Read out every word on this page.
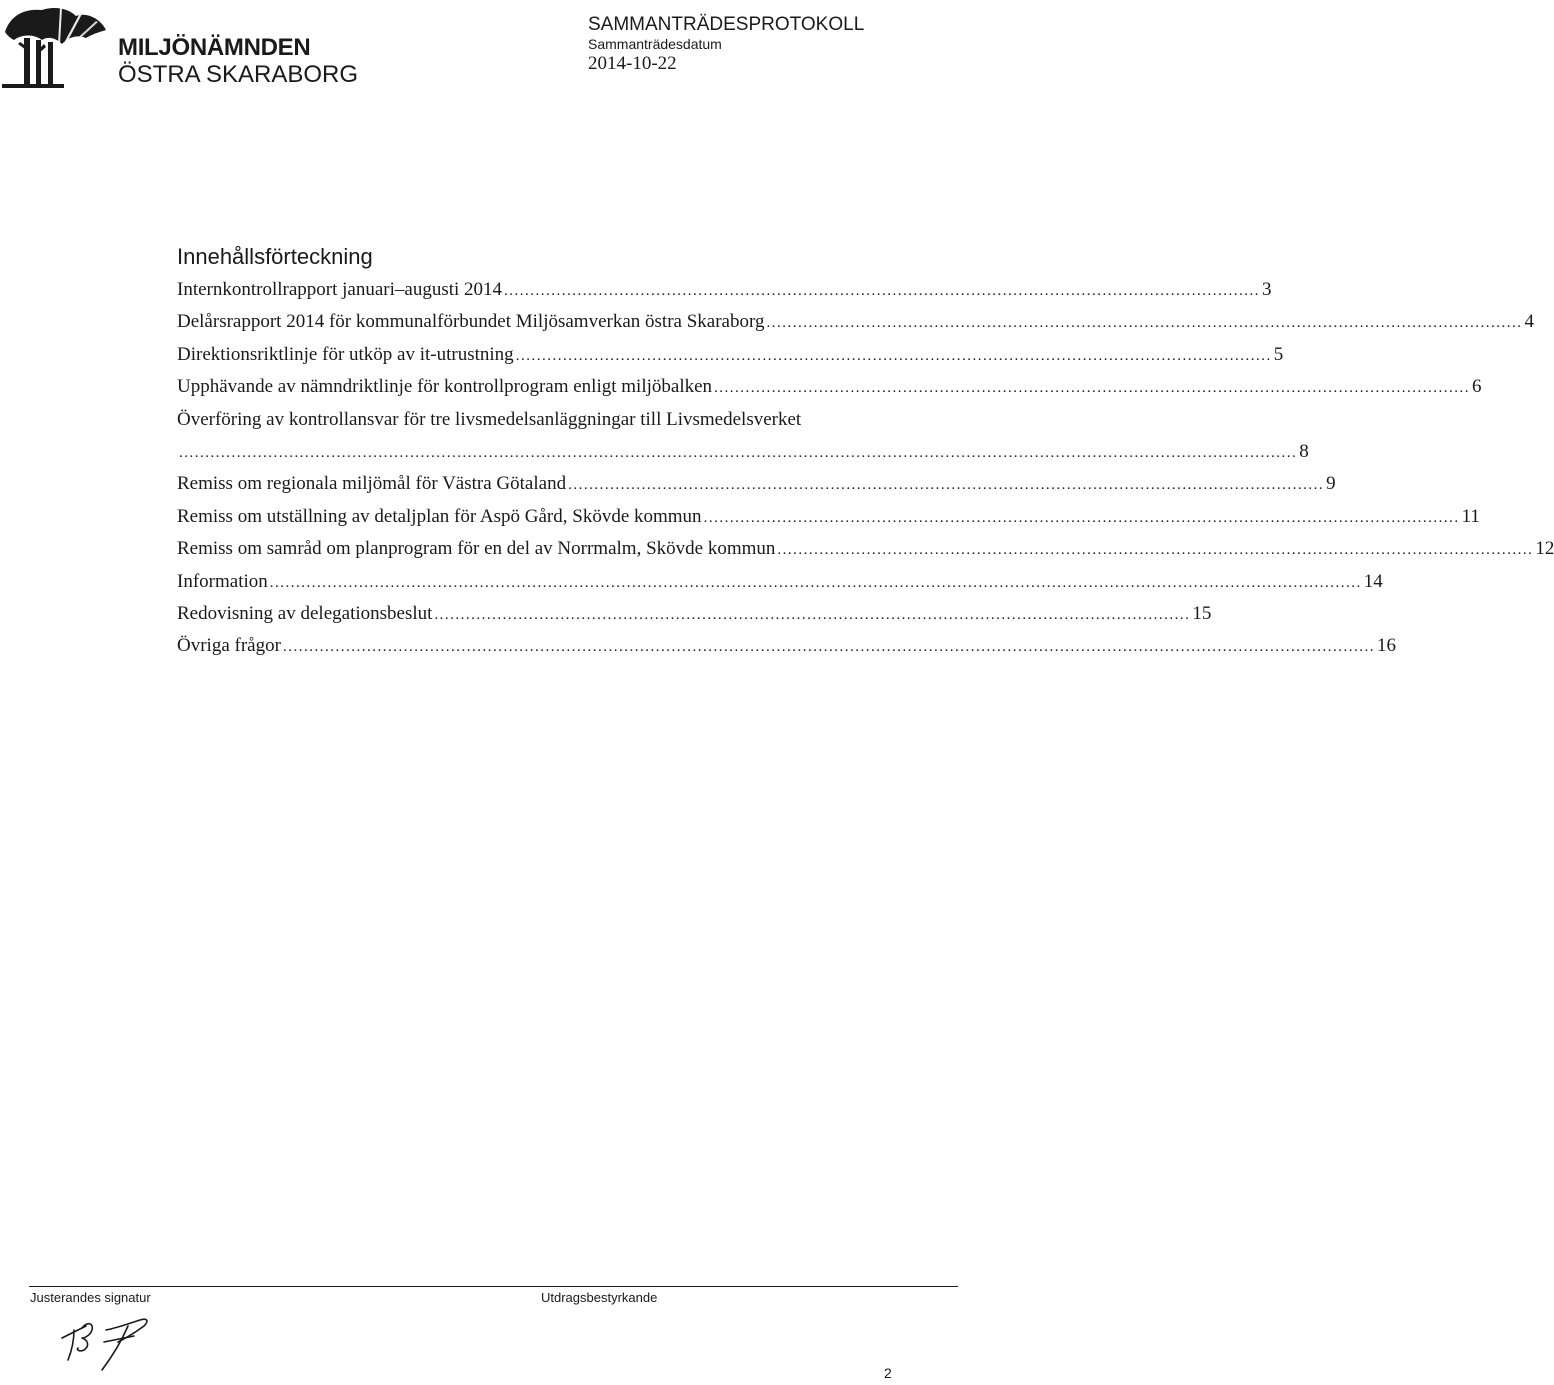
MILJÖNÄMNDEN
ÖSTRA SKARABORG
SAMMANTRÄDESPROTOKOLL
Sammanträdesdatum
2014-10-22
Innehållsförteckning
Internkontrollrapport januari–augusti 2014 ................................................................................................................................................ 3
Delårsrapport 2014 för kommunalförbundet Miljösamverkan östra Skaraborg ................................................................................................................................................ 4
Direktionsriktlinje för utköp av it-utrustning ................................................................................................................................................ 5
Upphävande av nämndriktlinje för kontrollprogram enligt miljöbalken ................................................................................................................................................ 6
Överföring av kontrollansvar för tre livsmedelsanläggningar till Livsmedelsverket
..................................................................................................................................................................................................................... 8
Remiss om regionala miljömål för Västra Götaland ................................................................................................................................................ 9
Remiss om utställning av detaljplan för Aspö Gård, Skövde kommun ................................................................................................................................................ 11
Remiss om samråd om planprogram för en del av Norrmalm, Skövde kommun ................................................................................................................................................ 12
Information ................................................................................................................................................................................................................ 14
Redovisning av delegationsbeslut ................................................................................................................................................ 15
Övriga frågor ................................................................................................................................................................................................................ 16
Justerandes signatur	Utdragsbestyrkande
2
